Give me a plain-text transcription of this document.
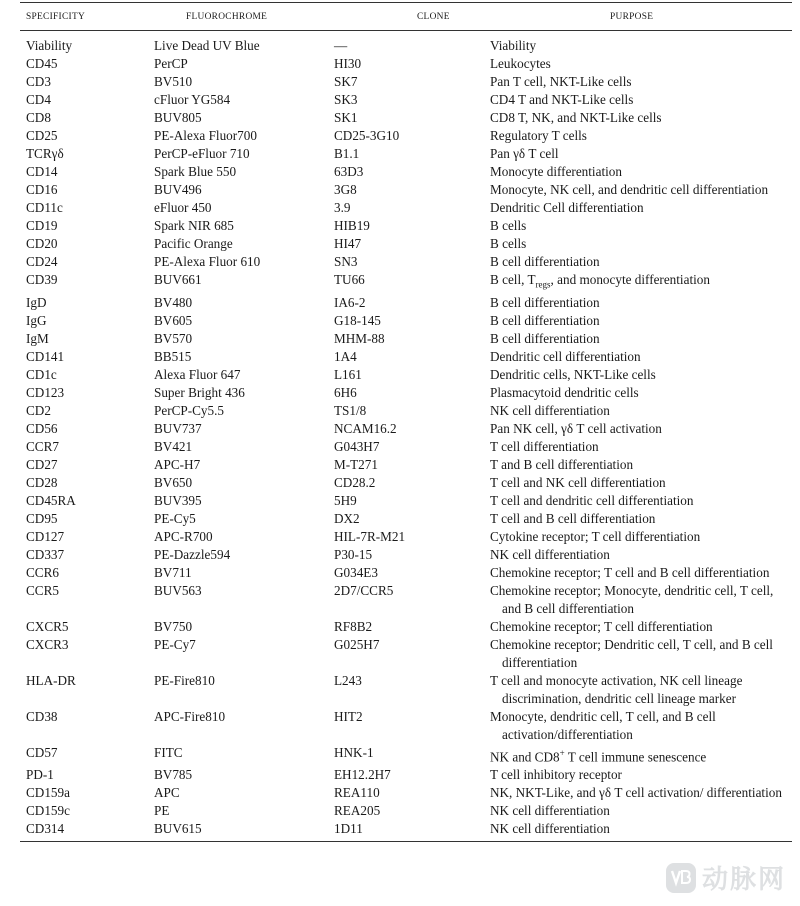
SPECIFICITY	FLUOROCHROME	CLONE	PURPOSE
Viability	Live Dead UV Blue	—	Viability

CD45	PerCP	HI30	Leukocytes

CD3	BV510	SK7	Pan T cell, NKT-Like cells

CD4	cFluor YG584	SK3	CD4 T and NKT-Like cells

CD8	BUV805	SK1	CD8 T, NK, and NKT-Like cells

CD25	PE-Alexa Fluor700	CD25-3G10	Regulatory T cells

TCRγδ	PerCP-eFluor 710	B1.1	Pan γδ T cell

CD14	Spark Blue 550	63D3	Monocyte differentiation

CD16	BUV496	3G8	Monocyte, NK cell, and dendritic cell differentiation

CD11c	eFluor 450	3.9	Dendritic Cell differentiation

CD19	Spark NIR 685	HIB19	B cells

CD20	Pacific Orange	HI47	B cells

CD24	PE-Alexa Fluor 610	SN3	B cell differentiation

CD39	BUV661	TU66	B cell, $T_{regs}$, and monocyte differentiation

IgD	BV480	IA6-2	B cell differentiation

IgG	BV605	G18-145	B cell differentiation

IgM	BV570	MHM-88	B cell differentiation

CD141	BB515	1A4	Dendritic cell differentiation

CD1c	Alexa Fluor 647	L161	Dendritic cells, NKT-Like cells

CD123	Super Bright 436	6H6	Plasmacytoid dendritic cells

CD2	PerCP-Cy5.5	TS1/8	NK cell differentiation

CD56	BUV737	NCAM16.2	Pan NK cell, γδ T cell activation

CCR7	BV421	G043H7	T cell differentiation

CD27	APC-H7	M-T271	T and B cell differentiation

CD28	BV650	CD28.2	T cell and NK cell differentiation

CD45RA	BUV395	5H9	T cell and dendritic cell differentiation

CD95	PE-Cy5	DX2	T cell and B cell differentiation

CD127	APC-R700	HIL-7R-M21	Cytokine receptor; T cell differentiation

CD337	PE-Dazzle594	P30-15	NK cell differentiation

CCR6	BV711	G034E3	Chemokine receptor; T cell and B cell differentiation

CCR5	BUV563	2D7/CCR5	Chemokine receptor; Monocyte, dendritic cell, T cell, and B cell differentiation

CXCR5	BV750	RF8B2	Chemokine receptor; T cell differentiation

CXCR3	PE-Cy7	G025H7	Chemokine receptor; Dendritic cell, T cell, and B cell differentiation

HLA-DR	PE-Fire810	L243	T cell and monocyte activation, NK cell lineage discrimination, dendritic cell lineage marker

CD38	APC-Fire810	HIT2	Monocyte, dendritic cell, T cell, and B cell activation/differentiation

CD57	FITC	HNK-1	NK and CD8+ T cell immune senescence

PD-1	BV785	EH12.2H7	T cell inhibitory receptor

CD159a	APC	REA110	NK, NKT-Like, and γδ T cell activation/ differentiation

CD159c	PE	REA205	NK cell differentiation

CD314	BUV615	1D11	NK cell differentiation
动脉网
